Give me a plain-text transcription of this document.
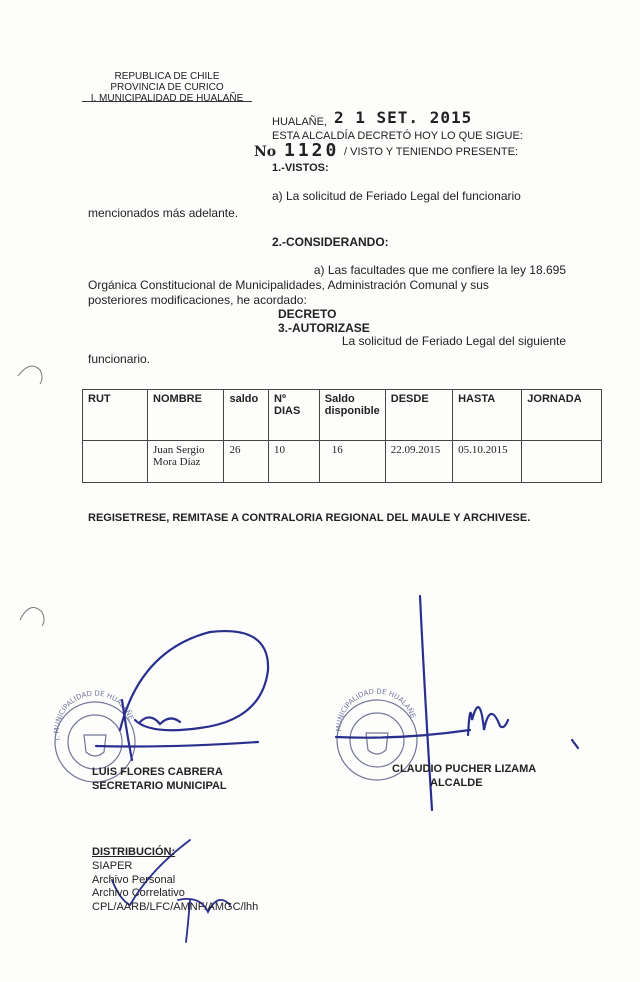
REPUBLICA DE CHILE
PROVINCIA DE CURICO
I. MUNICIPALIDAD DE HUALAÑE
HUALAÑE, 2 1 SET. 2015
ESTA ALCALDÍA DECRETÓ HOY LO QUE SIGUE:
No 1120 / VISTO Y TENIENDO PRESENTE:
1.-VISTOS:
a) La solicitud de Feriado Legal del funcionario
mencionados más adelante.
2.-CONSIDERANDO:
a) Las facultades que me confiere la ley 18.695
Orgánica Constitucional de Municipalidades, Administración Comunal y sus
posteriores modificaciones, he acordado:
DECRETO
3.-AUTORIZASE
La solicitud de Feriado Legal del siguiente
funcionario.
RUT	NOMBRE	saldo	Nº DIAS	Saldo disponible	DESDE	HASTA	JORNADA
	Juan Sergio Mora Díaz	26	10	16	22.09.2015	05.10.2015	
REGISETRESE, REMITASE A CONTRALORIA REGIONAL DEL MAULE Y ARCHIVESE.
I. MUNICIPALIDAD DE HUALAÑE
I. MUNICIPALIDAD DE HUALAÑE
LUIS FLORES CABRERA
SECRETARIO MUNICIPAL
CLAUDIO PUCHER LIZAMA
ALCALDE
DISTRIBUCIÓN:
SIAPER
Archivo Personal
Archivo Correlativo
CPL/AARB/LFC/AMNF/AMGC/lhh
